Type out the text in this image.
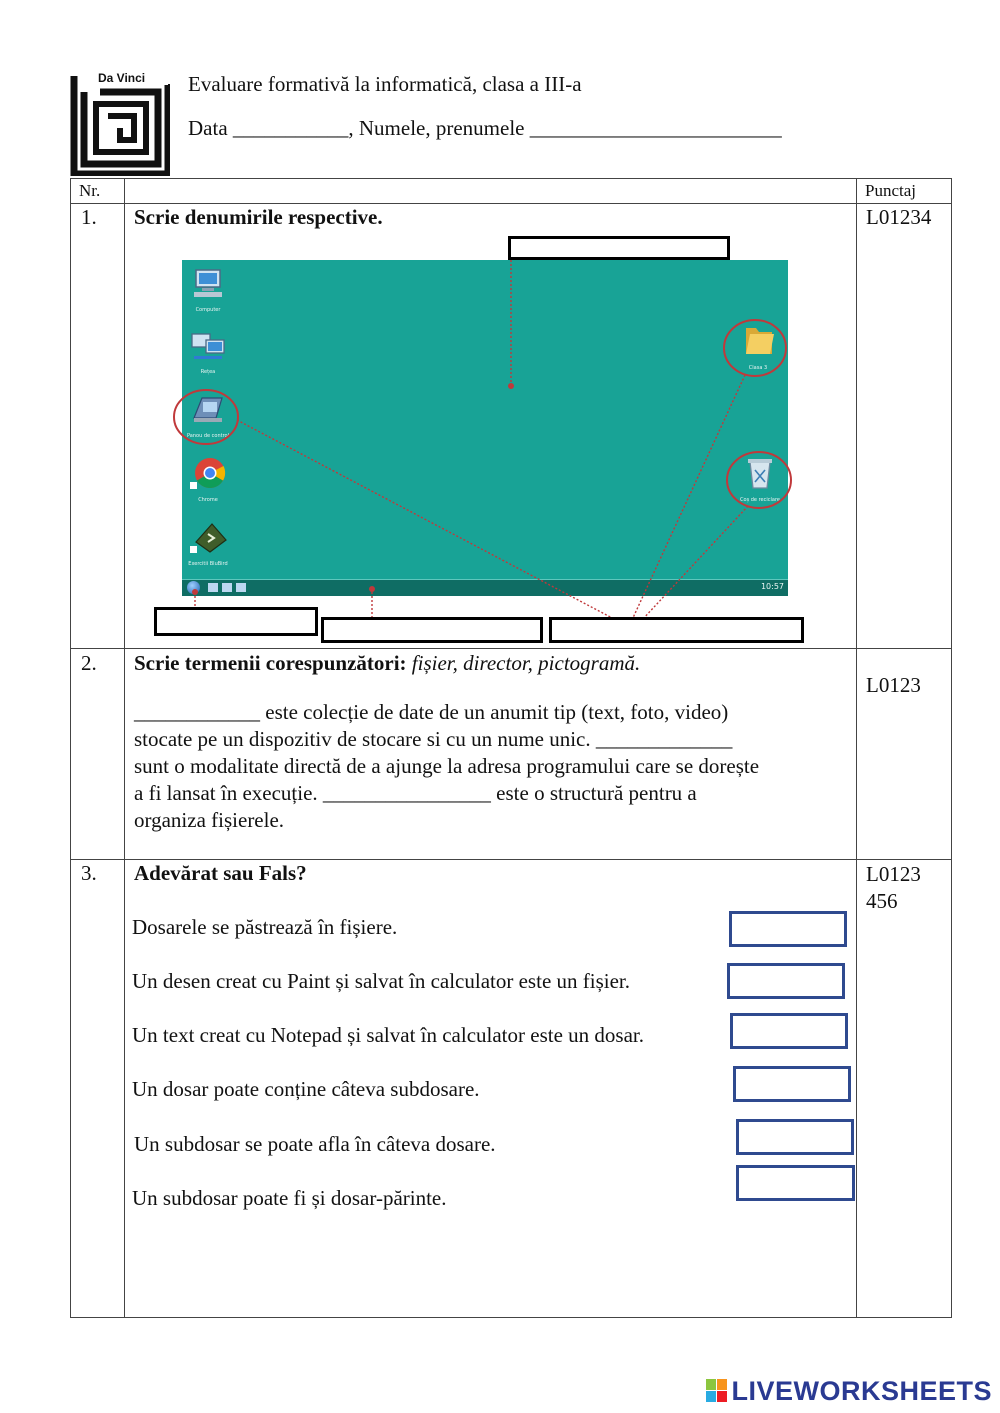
Da Vinci Evaluare formativă la informatică, clasa a III-a
Data ___________, Numele, prenumele ________________________
Nr.	Punctaj
1. Scrie denumirile respective.	L01234
2. Scrie termenii corespunzători: fișier, director, pictogramă.
L0123
____________ este colecție de date de un anumit tip (text, foto, video)
stocate pe un dispozitiv de stocare si cu un nume unic. _____________
sunt o modalitate directă de a ajunge la adresa programului care se dorește
a fi lansat în execuție. ________________ este o structură pentru a
organiza fișierele.
3. Adevărat sau Fals?	L0123
456
Dosarele se păstrează în fișiere.
Un desen creat cu Paint și salvat în calculator este un fișier.
Un text creat cu Notepad și salvat în calculator este un dosar.
Un dosar poate conține câteva subdosare.
Un subdosar se poate afla în câteva dosare.
Un subdosar poate fi și dosar-părinte.
Computer
Rețea
Panou de control
Chrome
Exercitii BluBird
Clasa 3
Coș de reciclare
10:57
LIVEWORKSHEETS
